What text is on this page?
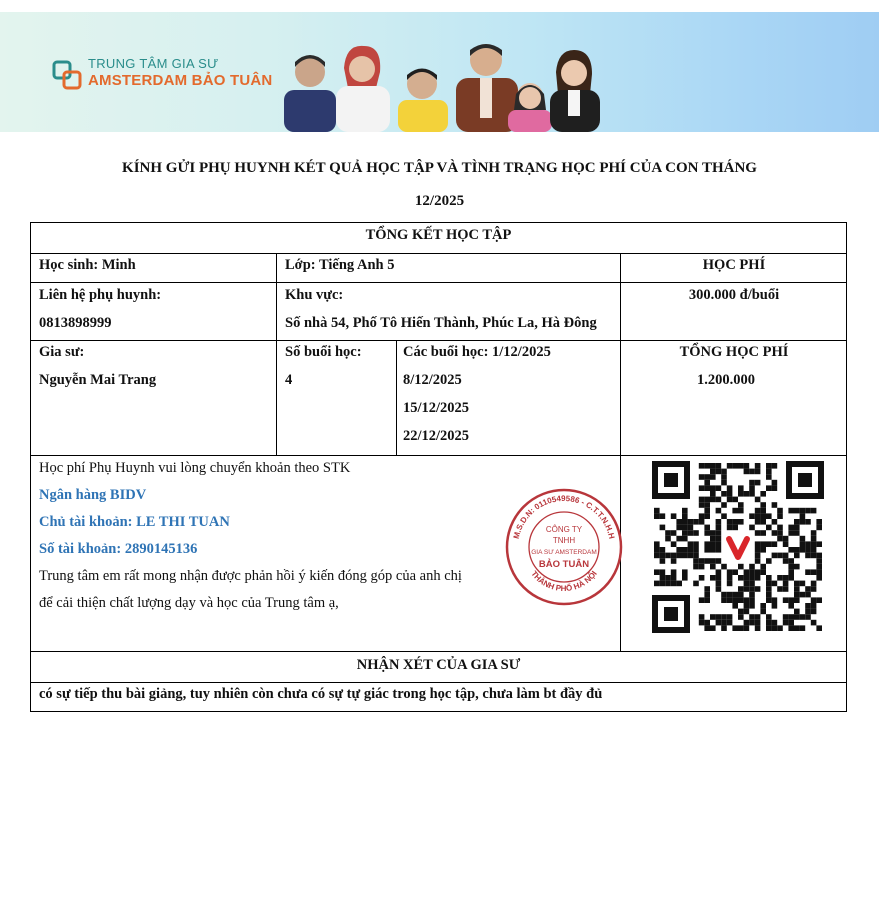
TRUNG TÂM GIA SƯ
AMSTERDAM BẢO TUÂN
KÍNH GỬI PHỤ HUYNH KÉT QUẢ HỌC TẬP VÀ TÌNH TRẠNG HỌC PHÍ CỦA CON THÁNG
12/2025
TỔNG KẾT HỌC TẬP
Học sinh: Minh	Lớp: Tiếng Anh 5	HỌC PHÍ
Liên hệ phụ huynh:
0813898999
Khu vực:
Số nhà 54, Phố Tô Hiến Thành, Phúc La, Hà Đông
300.000 đ/buổi
Gia sư:
Nguyễn Mai Trang
Số buổi học:
4
Các buổi học: 1/12/2025
8/12/2025
15/12/2025
22/12/2025
TỔNG HỌC PHÍ
1.200.000
Học phí Phụ Huynh vui lòng chuyển khoản theo STK
Ngân hàng BIDV
Chủ tài khoản: LE THI TUAN
Số tài khoản: 2890145136
Trung tâm em rất mong nhận được phản hồi ý kiến đóng góp của anh chị
để cải thiện chất lượng dạy và học của Trung tâm ạ,
NHẬN XÉT CỦA GIA SƯ
có sự tiếp thu bài giảng, tuy nhiên còn chưa có sự tự giác trong học tập, chưa làm bt đầy đủ
M.S.D.N: 0110549586 - C.T.T.N.H.H
THÀNH PHỐ HÀ NỘI
CÔNG TY
TNHH
GIA SƯ AMSTERDAM
BẢO TUÂN
